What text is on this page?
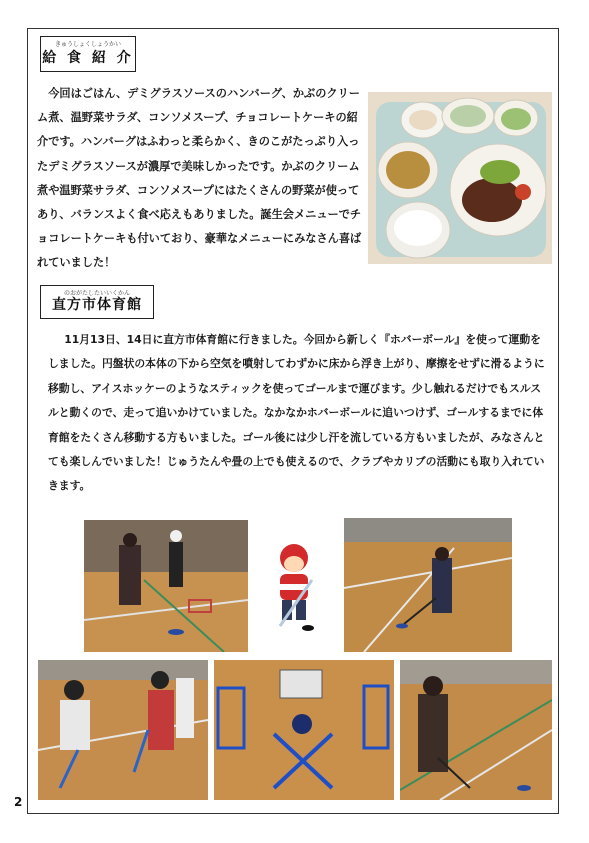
きゅうしょくしょうかい
給 食 紹 介

今回はごはん、デミグラスソースのハンバーグ、かぶのクリーム煮、温野菜サラダ、コンソメスープ、チョコレートケーキの紹介です。ハンバーグはふわっと柔らかく、きのこがたっぷり入ったデミグラスソースが濃厚で美味しかったです。かぶのクリーム煮や温野菜サラダ、コンソメスープにはたくさんの野菜が使ってあり、バランスよく食べ応えもありました。誕生会メニューでチョコレートケーキも付いており、豪華なメニューにみなさん喜ばれていました！

のおがたしたいいくかん
直方市体育館

11月13日、14日に直方市体育館に行きました。今回から新しく『ホバーボール』を使って運動をしました。円盤状の本体の下から空気を噴射してわずかに床から浮き上がり、摩擦をせずに滑るように移動し、アイスホッケーのようなスティックを使ってゴールまで運びます。少し触れるだけでもスルスルと動くので、走って追いかけていました。なかなかホバーボールに追いつけず、ゴールするまでに体育館をたくさん移動する方もいました。ゴール後には少し汗を流している方もいましたが、みなさんとても楽しんでいました！じゅうたんや畳の上でも使えるので、クラブやカリブの活動にも取り入れていきます。

2
